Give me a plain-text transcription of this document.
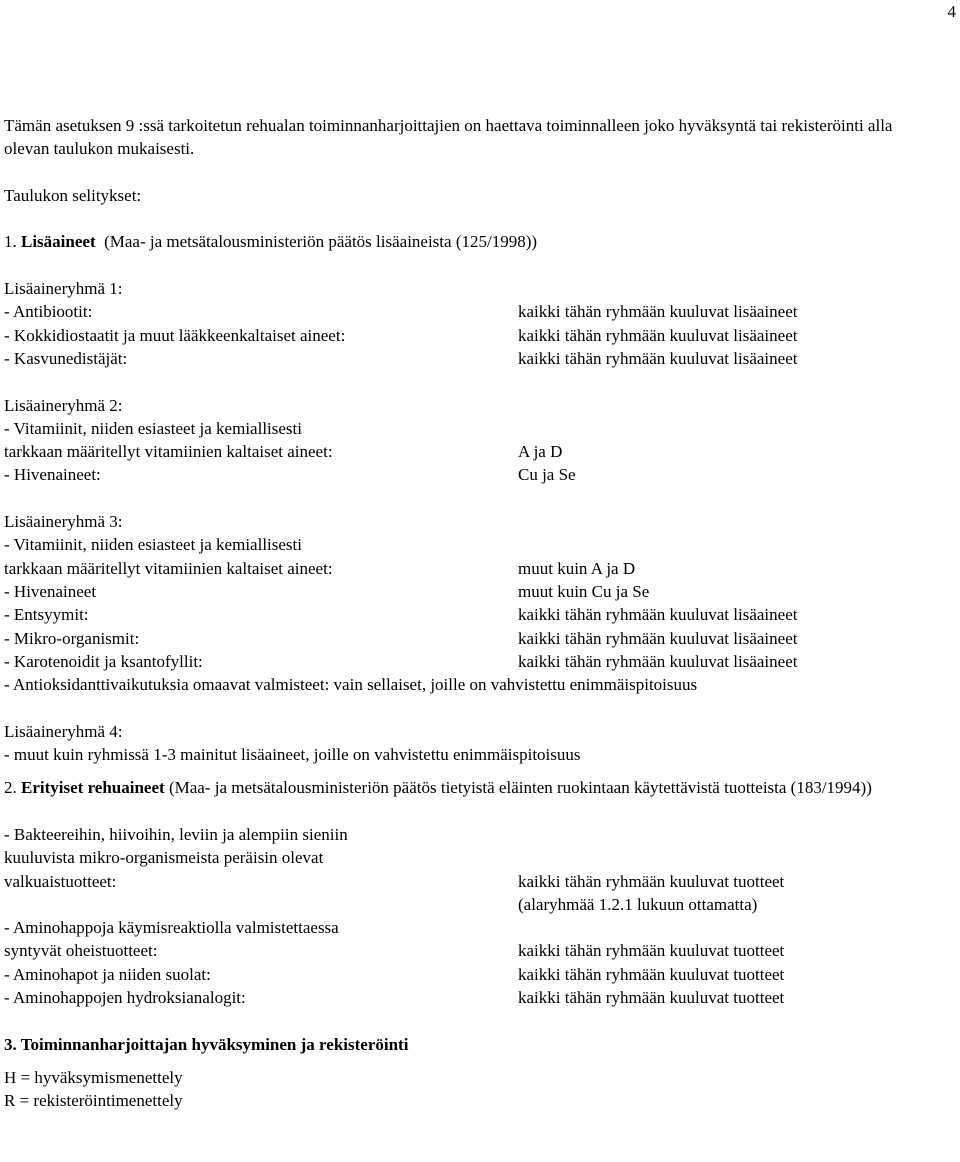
4
Tämän asetuksen 9 :ssä tarkoitetun rehualan toiminnanharjoittajien on haettava toiminnalleen joko hyväksyntä tai rekisteröinti alla olevan taulukon mukaisesti.
Taulukon selitykset:
1. Lisäaineet (Maa- ja metsätalousministeriön päätös lisäaineista (125/1998))
Lisäaineryhmä 1:
- Antibiootit:	kaikki tähän ryhmään kuuluvat lisäaineet
- Kokkidiostaatit ja muut lääkkeenkaltaiset aineet:	kaikki tähän ryhmään kuuluvat lisäaineet
- Kasvunedistäjät:	kaikki tähän ryhmään kuuluvat lisäaineet
Lisäaineryhmä 2:
- Vitamiinit, niiden esiasteet ja kemiallisesti
tarkkaan määritellyt vitamiinien kaltaiset aineet:	A ja D
- Hivenaineet:	Cu ja Se
Lisäaineryhmä 3:
- Vitamiinit, niiden esiasteet ja kemiallisesti
tarkkaan määritellyt vitamiinien kaltaiset aineet:	muut kuin A ja D
- Hivenaineet	muut kuin Cu ja Se
- Entsyymit:	kaikki tähän ryhmään kuuluvat lisäaineet
- Mikro-organismit:	kaikki tähän ryhmään kuuluvat lisäaineet
- Karotenoidit ja ksantofyllit:	kaikki tähän ryhmään kuuluvat lisäaineet
- Antioksidanttivaikutuksia omaavat valmisteet: vain sellaiset, joille on vahvistettu enimmäispitoisuus
Lisäaineryhmä 4:
- muut kuin ryhmissä 1-3 mainitut lisäaineet, joille on vahvistettu enimmäispitoisuus
2. Erityiset rehuaineet (Maa- ja metsätalousministeriön päätös tietyistä eläinten ruokintaan käytettävistä tuotteista (183/1994))
- Bakteereihin, hiivoihin, leviin ja alempiin sieniin
kuuluvista mikro-organismeista peräisin olevat
valkuaistuotteet:	kaikki tähän ryhmään kuuluvat tuotteet
(alaryhmää 1.2.1 lukuun ottamatta)
- Aminohappoja käymisreaktiolla valmistettaessa
syntyvät oheistuotteet:	kaikki tähän ryhmään kuuluvat tuotteet
- Aminohapot ja niiden suolat:	kaikki tähän ryhmään kuuluvat tuotteet
- Aminohappojen hydroksianalogit:	kaikki tähän ryhmään kuuluvat tuotteet
3. Toiminnanharjoittajan hyväksyminen ja rekisteröinti
H = hyväksymismenettely
R = rekisteröintimenettely
